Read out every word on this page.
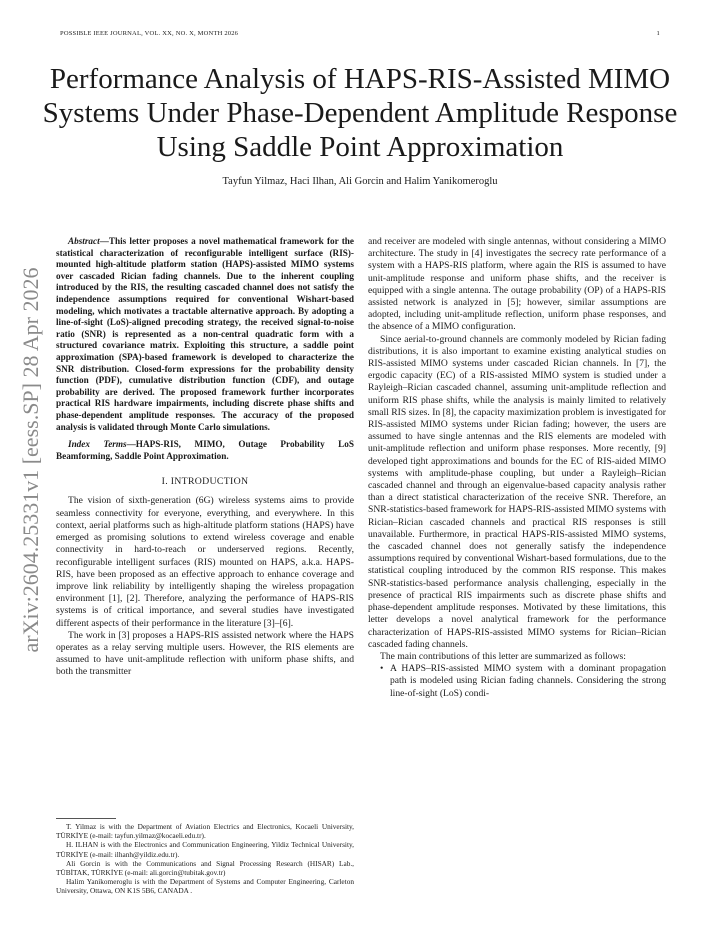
POSSIBLE IEEE JOURNAL, VOL. XX, NO. X, MONTH 2026	1
Performance Analysis of HAPS-RIS-Assisted MIMO Systems Under Phase-Dependent Amplitude Response Using Saddle Point Approximation
Tayfun Yilmaz, Haci Ilhan, Ali Gorcin and Halim Yanikomeroglu
arXiv:2604.25331v1 [eess.SP] 28 Apr 2026

Abstract—This letter proposes a novel mathematical framework for the statistical characterization of reconfigurable intelligent surface (RIS)-mounted high-altitude platform station (HAPS)-assisted MIMO systems over cascaded Rician fading channels. Due to the inherent coupling introduced by the RIS, the resulting cascaded channel does not satisfy the independence assumptions required for conventional Wishart-based modeling, which motivates a tractable alternative approach. By adopting a line-of-sight (LoS)-aligned precoding strategy, the received signal-to-noise ratio (SNR) is represented as a non-central quadratic form with a structured covariance matrix. Exploiting this structure, a saddle point approximation (SPA)-based framework is developed to characterize the SNR distribution. Closed-form expressions for the probability density function (PDF), cumulative distribution function (CDF), and outage probability are derived. The proposed framework further incorporates practical RIS hardware impairments, including discrete phase shifts and phase-dependent amplitude responses. The accuracy of the proposed analysis is validated through Monte Carlo simulations.

Index Terms—HAPS-RIS, MIMO, Outage Probability LoS Beamforming, Saddle Point Approximation.

I. INTRODUCTION

The vision of sixth-generation (6G) wireless systems aims to provide seamless connectivity for everyone, everything, and everywhere. In this context, aerial platforms such as high-altitude platform stations (HAPS) have emerged as promising solutions to extend wireless coverage and enable connectivity in hard-to-reach or underserved regions. Recently, reconfigurable intelligent surfaces (RIS) mounted on HAPS, a.k.a. HAPS-RIS, have been proposed as an effective approach to enhance coverage and improve link reliability by intelligently shaping the wireless propagation environment [1], [2]. Therefore, analyzing the performance of HAPS-RIS systems is of critical importance, and several studies have investigated different aspects of their performance in the literature [3]–[6].

The work in [3] proposes a HAPS-RIS assisted network where the HAPS operates as a relay serving multiple users. However, the RIS elements are assumed to have unit-amplitude reflection with uniform phase shifts, and both the transmitter

and receiver are modeled with single antennas, without considering a MIMO architecture. The study in [4] investigates the secrecy rate performance of a system with a HAPS-RIS platform, where again the RIS is assumed to have unit-amplitude response and uniform phase shifts, and the receiver is equipped with a single antenna. The outage probability (OP) of a HAPS-RIS assisted network is analyzed in [5]; however, similar assumptions are adopted, including unit-amplitude reflection, uniform phase responses, and the absence of a MIMO configuration.

Since aerial-to-ground channels are commonly modeled by Rician fading distributions, it is also important to examine existing analytical studies on RIS-assisted MIMO systems under cascaded Rician channels. In [7], the ergodic capacity (EC) of a RIS-assisted MIMO system is studied under a Rayleigh–Rician cascaded channel, assuming unit-amplitude reflection and uniform RIS phase shifts, while the analysis is mainly limited to relatively small RIS sizes. In [8], the capacity maximization problem is investigated for RIS-assisted MIMO systems under Rician fading; however, the users are assumed to have single antennas and the RIS elements are modeled with unit-amplitude reflection and uniform phase responses. More recently, [9] developed tight approximations and bounds for the EC of RIS-aided MIMO systems with amplitude-phase coupling, but under a Rayleigh–Rician cascaded channel and through an eigenvalue-based capacity analysis rather than a direct statistical characterization of the receive SNR. Therefore, an SNR-statistics-based framework for HAPS-RIS-assisted MIMO systems with Rician–Rician cascaded channels and practical RIS responses is still unavailable. Furthermore, in practical HAPS-RIS-assisted MIMO systems, the cascaded channel does not generally satisfy the independence assumptions required by conventional Wishart-based formulations, due to the statistical coupling introduced by the common RIS response. This makes SNR-statistics-based performance analysis challenging, especially in the presence of practical RIS impairments such as discrete phase shifts and phase-dependent amplitude responses. Motivated by these limitations, this letter develops a novel analytical framework for the performance characterization of HAPS-RIS-assisted MIMO systems for Rician–Rician cascaded fading channels.

The main contributions of this letter are summarized as follows:

• A HAPS–RIS-assisted MIMO system with a dominant propagation path is modeled using Rician fading channels. Considering the strong line-of-sight (LoS) condi-

T. Yilmaz is with the Department of Aviation Electrics and Electronics, Kocaeli University, TÜRKİYE (e-mail: tayfun.yilmaz@kocaeli.edu.tr).

H. ILHAN is with the Electronics and Communication Engineering, Yildiz Technical University, TÜRKİYE (e-mail: ilhanh@yildiz.edu.tr).

Ali Gorcin is with the Communications and Signal Processing Research (HISAR) Lab., TÜBİTAK, TÜRKİYE (e-mail: ali.gorcin@tubitak.gov.tr)

Halim Yanikomeroglu is with the Department of Systems and Computer Engineering, Carleton University, Ottawa, ON K1S 5B6, CANADA .
